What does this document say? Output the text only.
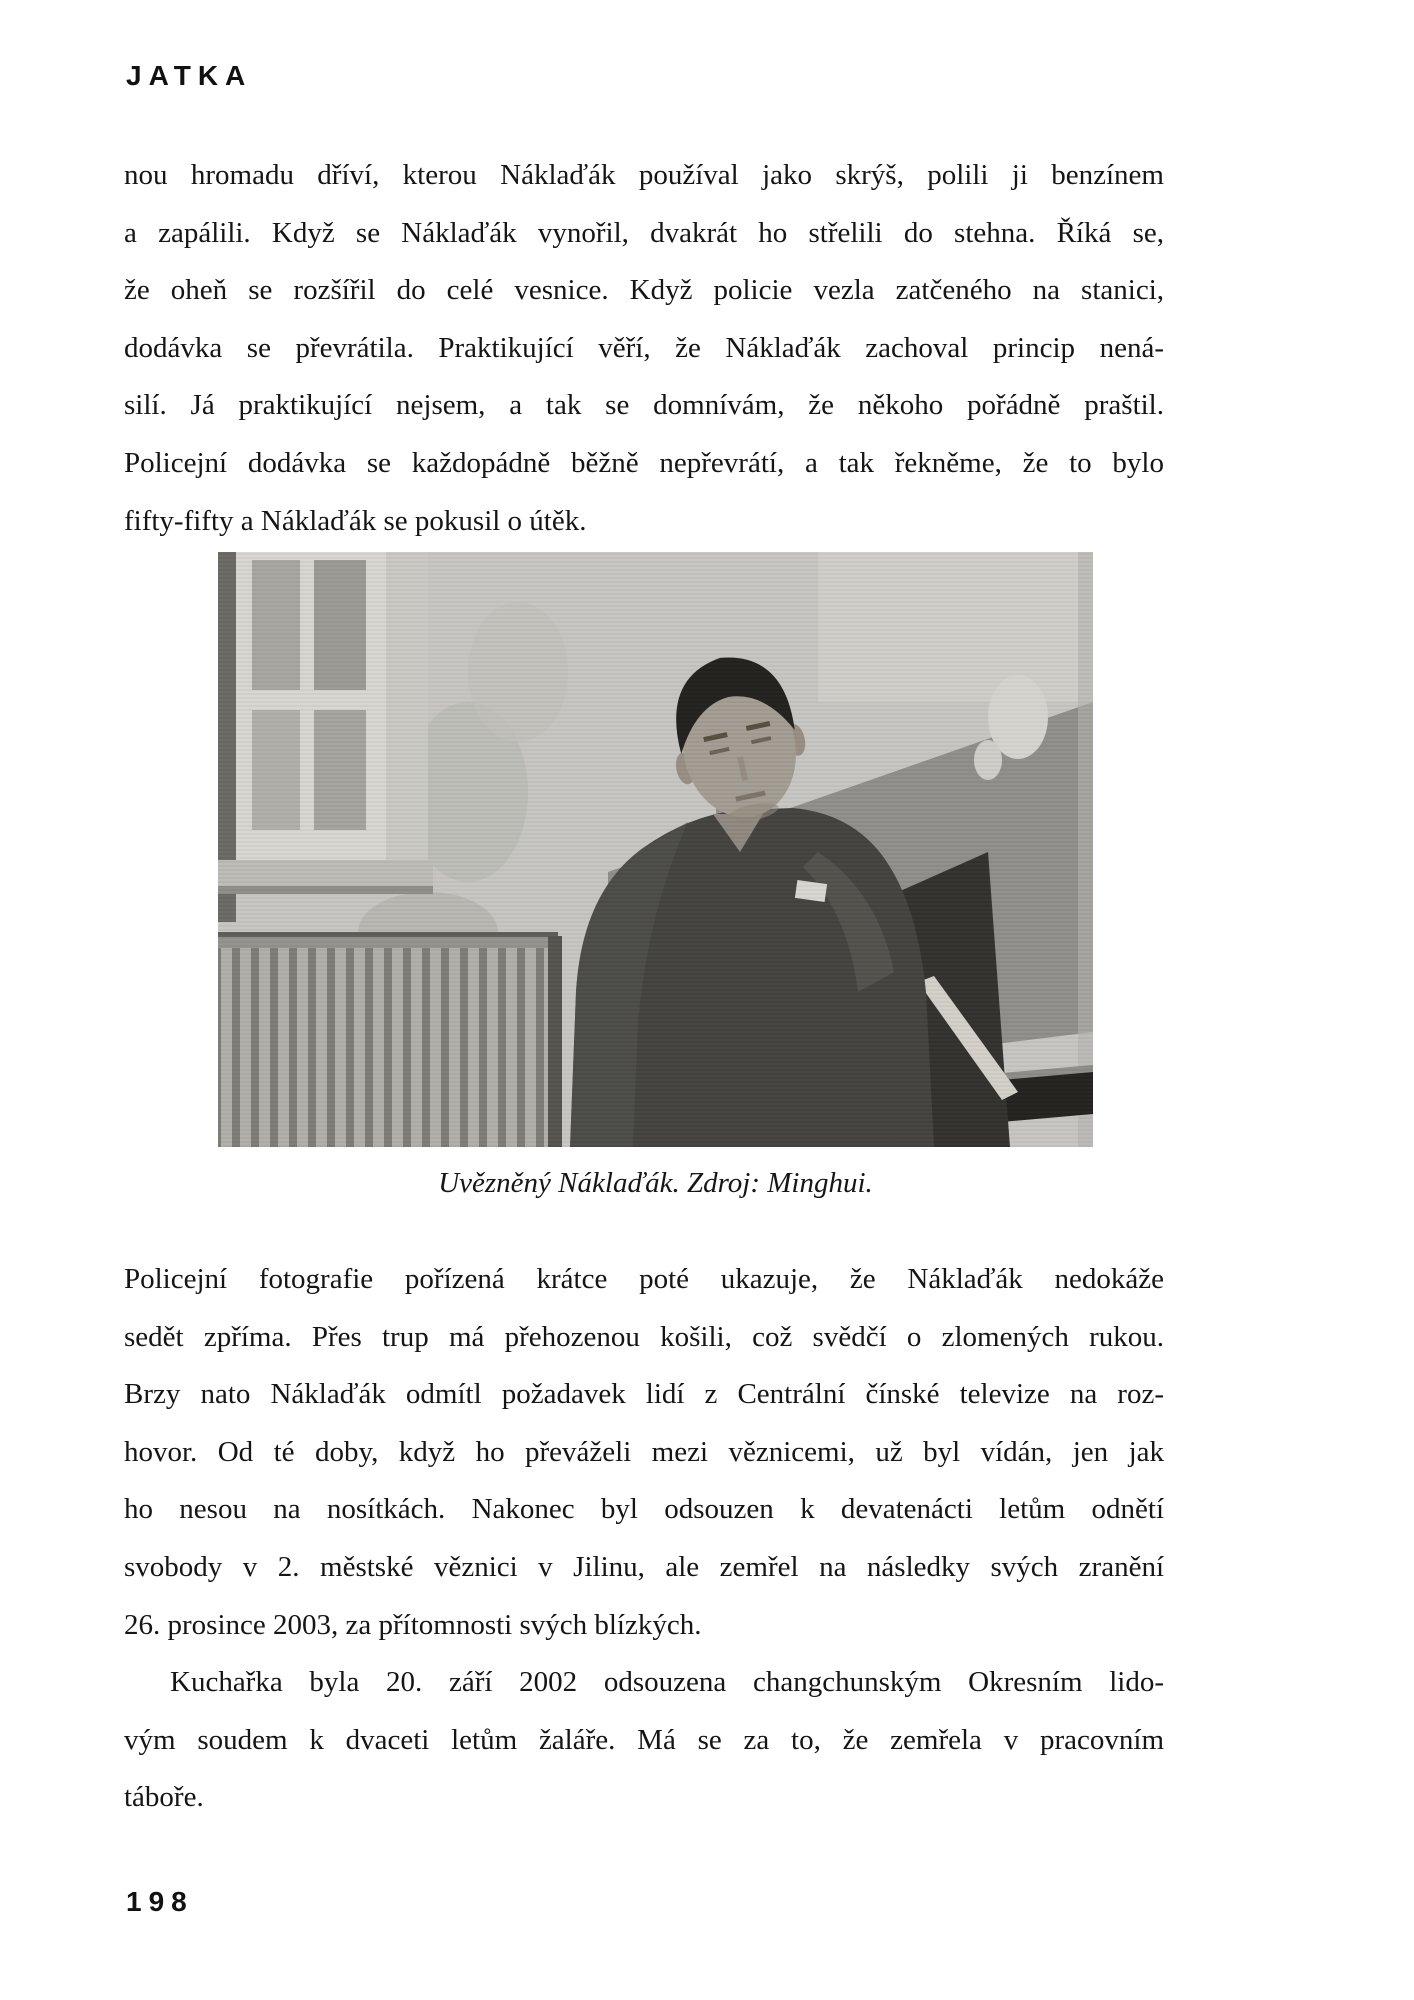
JATKA
nou hromadu dříví, kterou Náklaďák používal jako skrýš, polili ji benzínem
a zapálili. Když se Náklaďák vynořil, dvakrát ho střelili do stehna. Říká se,
že oheň se rozšířil do celé vesnice. Když policie vezla zatčeného na stanici,
dodávka se převrátila. Praktikující věří, že Náklaďák zachoval princip nená-
silí. Já praktikující nejsem, a tak se domnívám, že někoho pořádně praštil.
Policejní dodávka se každopádně běžně nepřevrátí, a tak řekněme, že to bylo
fifty-fifty a Náklaďák se pokusil o útěk.
Uvězněný Náklaďák. Zdroj: Minghui.
Policejní fotografie pořízená krátce poté ukazuje, že Náklaďák nedokáže
sedět zpříma. Přes trup má přehozenou košili, což svědčí o zlomených rukou.
Brzy nato Náklaďák odmítl požadavek lidí z Centrální čínské televize na roz-
hovor. Od té doby, když ho převáželi mezi věznicemi, už byl vídán, jen jak
ho nesou na nosítkách. Nakonec byl odsouzen k devatenácti letům odnětí
svobody v 2. městské věznici v Jilinu, ale zemřel na následky svých zranění
26. prosince 2003, za přítomnosti svých blízkých.
Kuchařka byla 20. září 2002 odsouzena changchunským Okresním lido-
vým soudem k dvaceti letům žaláře. Má se za to, že zemřela v pracovním
táboře.
198
